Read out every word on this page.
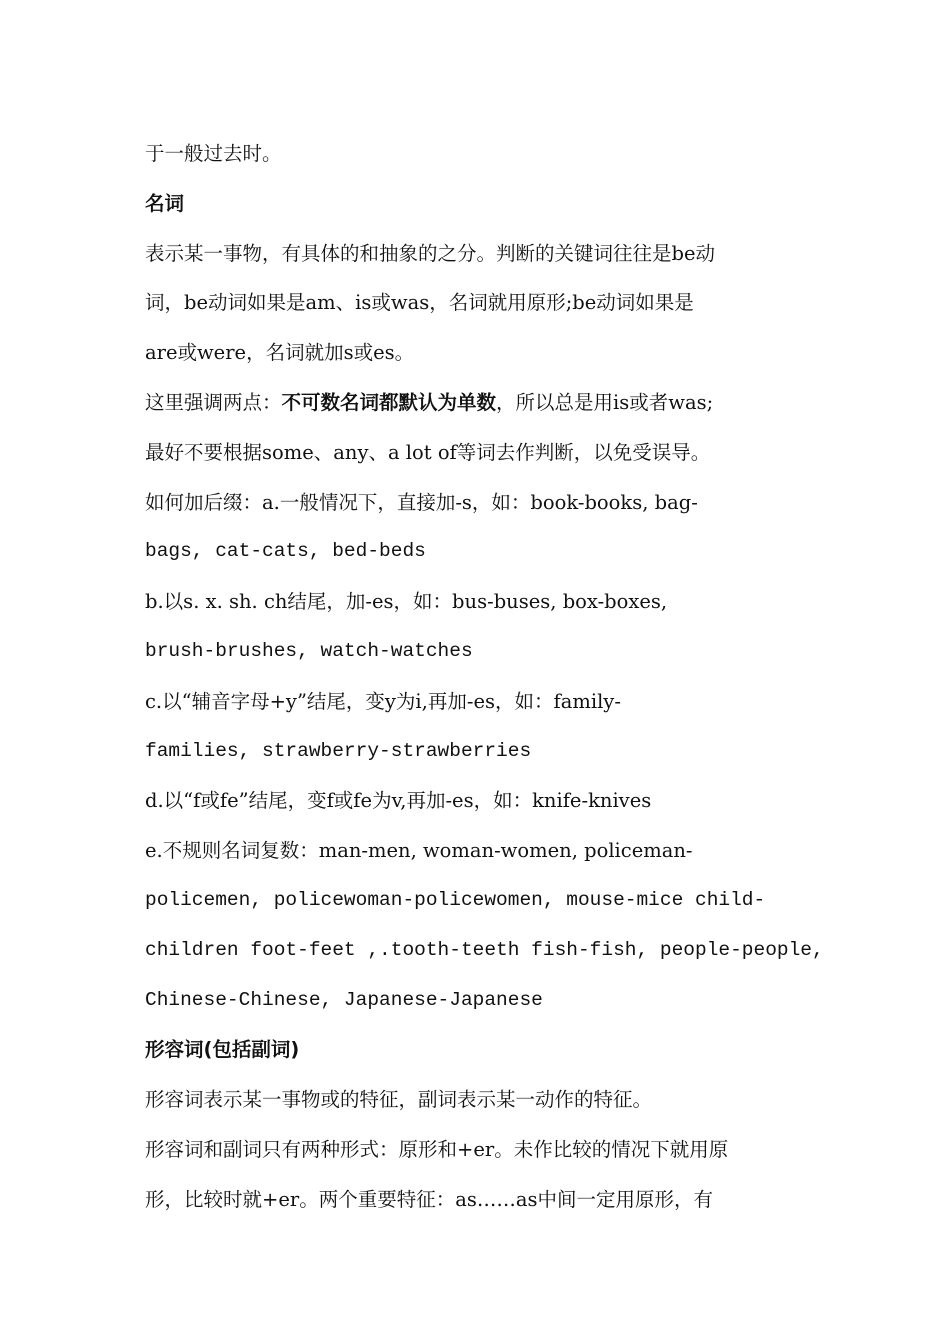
于一般过去时。
名词
表示某一事物，有具体的和抽象的之分。判断的关键词往往是be动
词，be动词如果是am、is或was，名词就用原形;be动词如果是
are或were，名词就加s或es。
这里强调两点：不可数名词都默认为单数，所以总是用is或者was;
最好不要根据some、any、a lot of等词去作判断，以免受误导。
如何加后缀：a.一般情况下，直接加-s，如：book-books, bag-
bags, cat-cats, bed-beds
b.以s. x. sh. ch结尾，加-es，如：bus-buses, box-boxes,
brush-brushes, watch-watches
c.以“辅音字母+y”结尾，变y为i,再加-es，如：family-
families, strawberry-strawberries
d.以“f或fe”结尾，变f或fe为v,再加-es，如：knife-knives
e.不规则名词复数：man-men, woman-women, policeman-
policemen, policewoman-policewomen, mouse-mice child-
children foot-feet ,.tooth-teeth fish-fish, people-people,
Chinese-Chinese, Japanese-Japanese
形容词(包括副词)
形容词表示某一事物或的特征，副词表示某一动作的特征。
形容词和副词只有两种形式：原形和+er。未作比较的情况下就用原
形，比较时就+er。两个重要特征：as……as中间一定用原形，有
